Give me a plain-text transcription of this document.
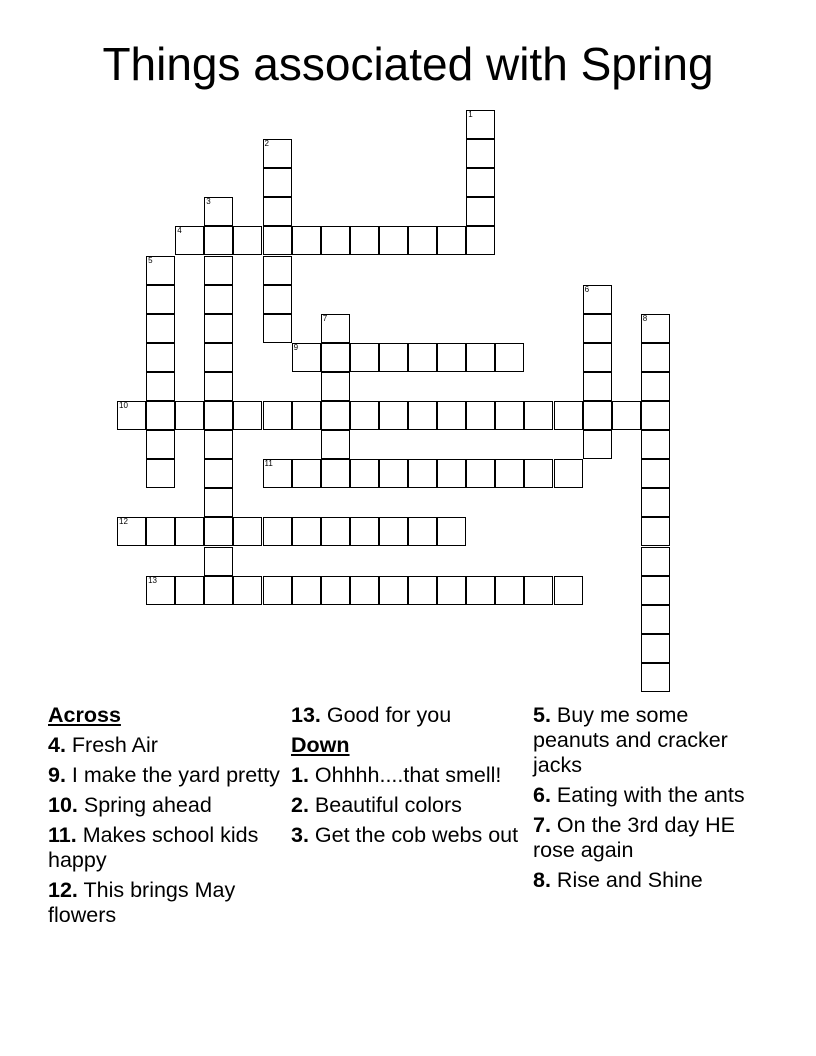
Things associated with Spring
1
2
3
4
5
6
7	8
9
10
11
12
13
Across
4. Fresh Air
9. I make the yard pretty
10. Spring ahead
11. Makes school kids happy
12. This brings May flowers
13. Good for you
Down
1. Ohhhh....that smell!
2. Beautiful colors
3. Get the cob webs out
5. Buy me some peanuts and cracker jacks
6. Eating with the ants
7. On the 3rd day HE rose again
8. Rise and Shine
